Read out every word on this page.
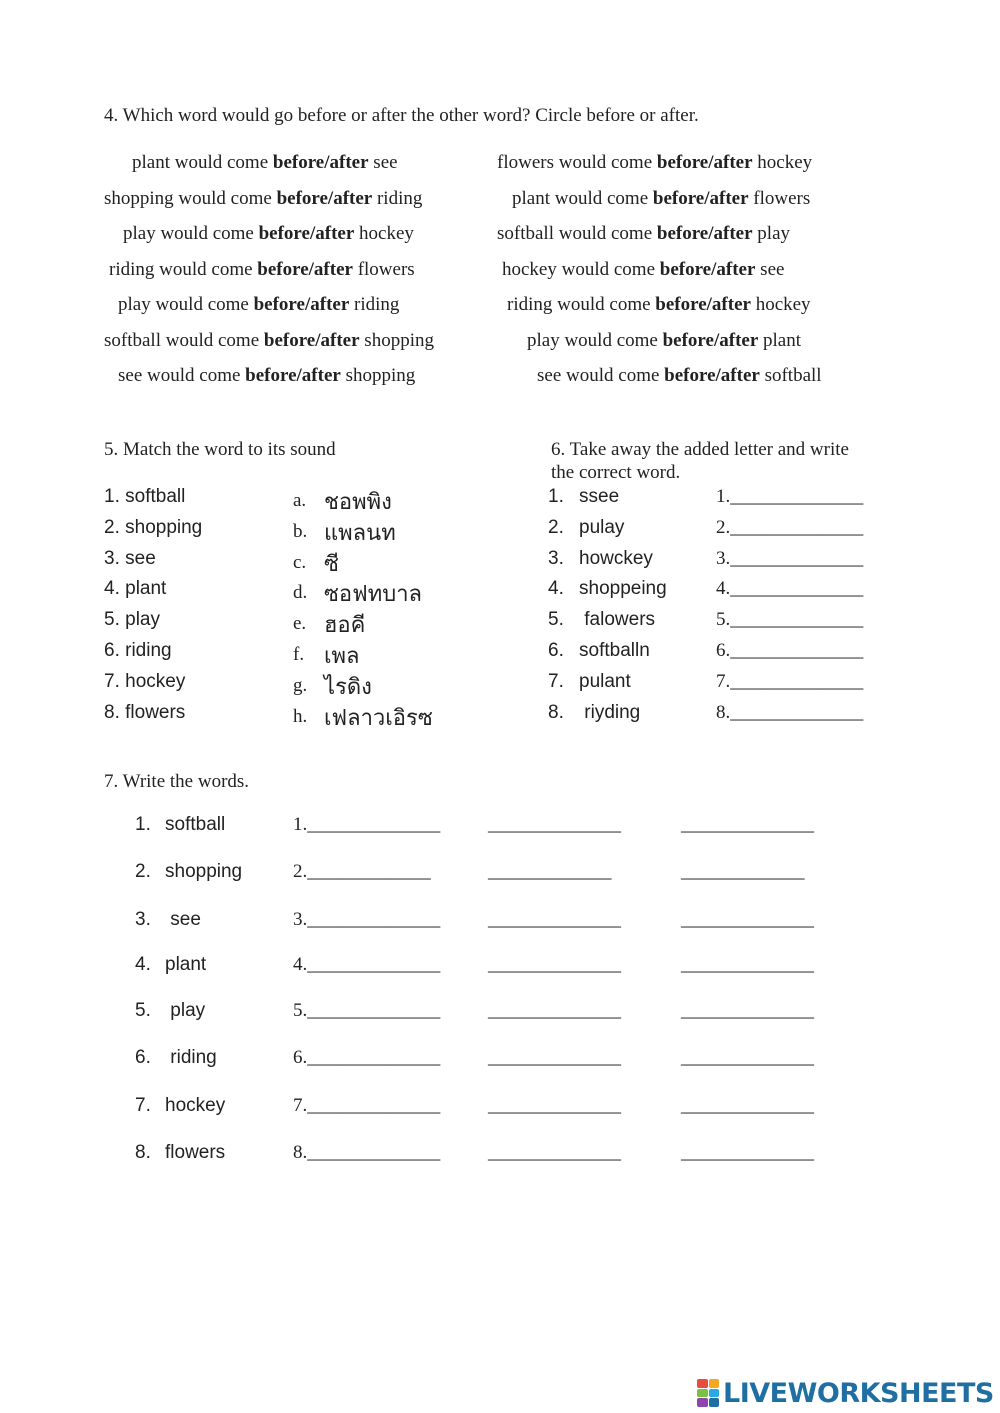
4. Which word would go before or after the other word? Circle before or after.
plant would come before/after see	flowers would come before/after hockey
shopping would come before/after riding	plant would come before/after flowers
play would come before/after hockey	softball would come before/after play
riding would come before/after flowers	hockey would come before/after see
play would come before/after riding	riding would come before/after hockey
softball would come before/after shopping	play would come before/after plant
see would come before/after shopping	see would come before/after softball
5. Match the word to its sound
1. softball	a. ชอพพิง
2. shopping	b. แพลนท
3. see	c. ซี
4. plant	d. ซอฟทบาล
5. play	e. ฮอคี
6. riding	f. เพล
7. hockey	g. ไรดิง
8. flowers	h. เฟลาวเอิรซ
6. Take away the added letter and write
the correct word.
1. ssee	1.______________
2. pulay	2.______________
3. howckey	3.______________
4. shoppeing	4.______________
5. falowers	5.______________
6. softballn	6.______________
7. pulant	7.______________
8. riyding	8.______________
7. Write the words.
1. softball	1.______________	______________	______________
2. shopping	2._____________	_____________	_____________
3. see	3.______________	______________	______________
4. plant	4.______________	______________	______________
5. play	5.______________	______________	______________
6. riding	6.______________	______________	______________
7. hockey	7.______________	______________	______________
8. flowers	8.______________	______________	______________
LIVEWORKSHEETS
